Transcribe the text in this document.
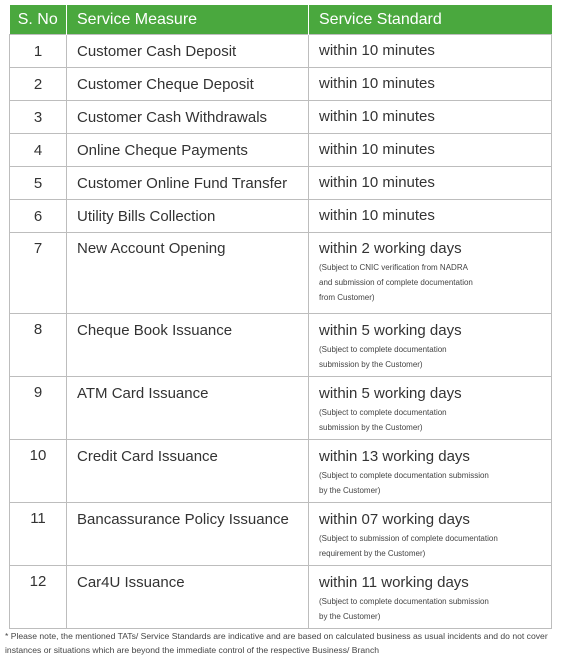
S. No	Service Measure	Service Standard
1	Customer Cash Deposit	within 10 minutes

2	Customer Cheque Deposit	within 10 minutes

3	Customer Cash Withdrawals	within 10 minutes

4	Online Cheque Payments	within 10 minutes

5	Customer Online Fund Transfer	within 10 minutes

6	Utility Bills Collection	within 10 minutes

7	New Account Opening	within 2 working days
(Subject to CNIC verification from NADRA
and submission of complete documentation
from Customer)

8	Cheque Book Issuance	within 5 working days
(Subject to complete documentation
submission by the Customer)

9	ATM Card Issuance	within 5 working days
(Subject to complete documentation
submission by the Customer)

10	Credit Card Issuance	within 13 working days
(Subject to complete documentation submission
by the Customer)

11	Bancassurance Policy Issuance	within 07 working days
(Subject to submission of complete documentation
requirement by the Customer)

12	Car4U Issuance	within 11 working days
(Subject to complete documentation submission
by the Customer)
* Please note, the mentioned TATs/ Service Standards are indicative and are based on calculated business as usual incidents and do not cover instances or situations which are beyond the immediate control of the respective Business/ Branch
